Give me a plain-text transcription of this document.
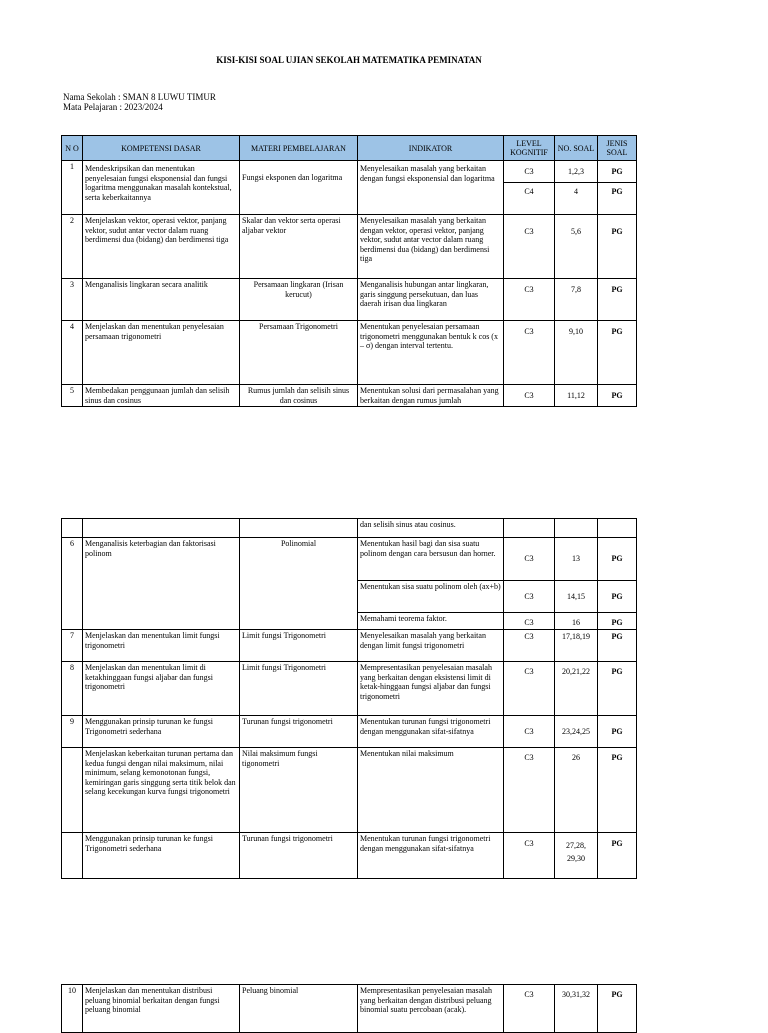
KISI-KISI SOAL UJIAN SEKOLAH MATEMATIKA PEMINATAN
Nama Sekolah : SMAN 8 LUWU TIMUR
Mata Pelajaran : 2023/2024
N O	KOMPETENSI DASAR	MATERI PEMBELAJARAN	INDIKATOR	LEVEL KOGNITIF	NO. SOAL	JENIS SOAL
1	Mendeskripsikan dan menentukan penyelesaian fungsi eksponensial dan fungsi logaritma menggunakan masalah kontekstual, serta keberkaitannya	Fungsi eksponen dan logaritma	Menyelesaikan masalah yang berkaitan dengan fungsi eksponensial dan logaritma	C3	1,2,3	PG
				C4	4	PG
2	Menjelaskan vektor, operasi vektor, panjang vektor, sudut antar vector dalam ruang berdimensi dua (bidang) dan berdimensi tiga	Skalar dan vektor serta operasi aljabar vektor	Menyelesaikan masalah yang berkaitan dengan vektor, operasi vektor, panjang vektor, sudut antar vector dalam ruang berdimensi dua (bidang) dan berdimensi tiga	C3	5,6	PG
3	Menganalisis lingkaran secara analitik	Persamaan lingkaran (Irisan kerucut)	Menganalisis hubungan antar lingkaran, garis singgung persekutuan, dan luas daerah irisan dua lingkaran	C3	7,8	PG
4	Menjelaskan dan menentukan penyelesaian persamaan trigonometri	Persamaan Trigonometri	Menentukan penyelesaian persamaan trigonometri menggunakan bentuk k cos (x – σ) dengan interval tertentu.	C3	9,10	PG
5	Membedakan penggunaan jumlah dan selisih sinus dan cosinus	Rumus jumlah dan selisih sinus dan cosinus	Menentukan solusi dari permasalahan yang berkaitan dengan rumus jumlah	C3	11,12	PG
			dan selisih sinus atau cosinus.			
6	Menganalisis keterbagian dan faktorisasi polinom	Polinomial	Menentukan hasil bagi dan sisa suatu polinom dengan cara bersusun dan horner.	C3	13	PG
			Menentukan sisa suatu polinom oleh (ax+b)	C3	14,15	PG
			Memahami teorema faktor.	C3	16	PG
7	Menjelaskan dan menentukan limit fungsi trigonometri	Limit fungsi Trigonometri	Menyelesaikan masalah yang berkaitan dengan limit fungsi trigonometri	C3	17,18,19	PG
8	Menjelaskan dan menentukan limit di ketakhinggaan fungsi aljabar dan fungsi trigonometri	Limit fungsi Trigonometri	Mempresentasikan penyelesaian masalah yang berkaitan dengan eksistensi limit di ketak-hinggaan fungsi aljabar dan fungsi trigonometri	C3	20,21,22	PG
9	Menggunakan prinsip turunan ke fungsi Trigonometri sederhana	Turunan fungsi trigonometri	Menentukan turunan fungsi trigonometri dengan menggunakan sifat-sifatnya	C3	23,24,25	PG
	Menjelaskan keberkaitan turunan pertama dan kedua fungsi dengan nilai maksimum, nilai minimum, selang kemonotonan fungsi, kemiringan garis singgung serta titik belok dan selang kecekungan kurva fungsi trigonometri	Nilai maksimum fungsi tigonometri	Menentukan nilai maksimum	C3	26	PG
	Menggunakan prinsip turunan ke fungsi Trigonometri sederhana	Turunan fungsi trigonometri	Menentukan turunan fungsi trigonometri dengan menggunakan sifat-sifatnya	C3	27,28, 29,30	PG
10	Menjelaskan dan menentukan distribusi peluang binomial berkaitan dengan fungsi peluang binomial	Peluang binomial	Mempresentasikan penyelesaian masalah yang berkaitan dengan distribusi peluang binomial suatu percobaan (acak).	C3	30,31,32	PG
